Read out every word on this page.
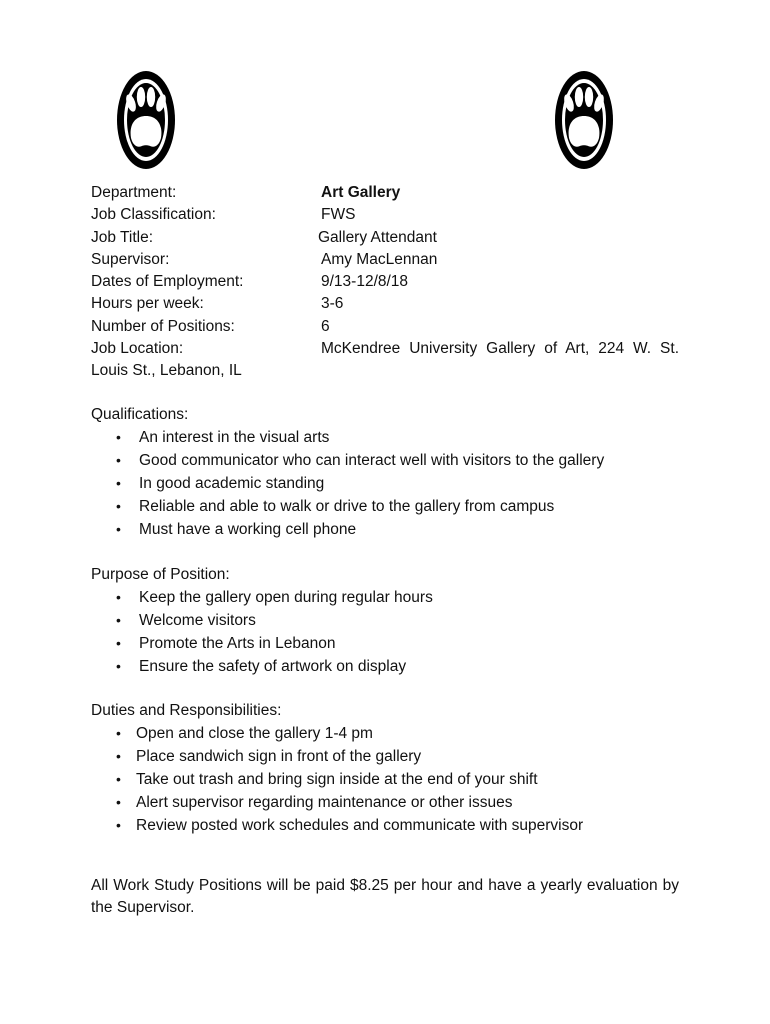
Department:	Art Gallery
Job Classification:	FWS
Job Title:	Gallery Attendant
Supervisor:	Amy MacLennan
Dates of Employment:	9/13-12/8/18
Hours per week:	3-6
Number of Positions:	6
Job Location:	McKendree University Gallery of Art, 224 W. St.
Louis St., Lebanon, IL
Qualifications:
• An interest in the visual arts
• Good communicator who can interact well with visitors to the gallery
• In good academic standing
• Reliable and able to walk or drive to the gallery from campus
• Must have a working cell phone
Purpose of Position:
• Keep the gallery open during regular hours
• Welcome visitors
• Promote the Arts in Lebanon
• Ensure the safety of artwork on display
Duties and Responsibilities:
• Open and close the gallery 1-4 pm
• Place sandwich sign in front of the gallery
• Take out trash and bring sign inside at the end of your shift
• Alert supervisor regarding maintenance or other issues
• Review posted work schedules and communicate with supervisor

All Work Study Positions will be paid $8.25 per hour and have a yearly evaluation by the Supervisor.
